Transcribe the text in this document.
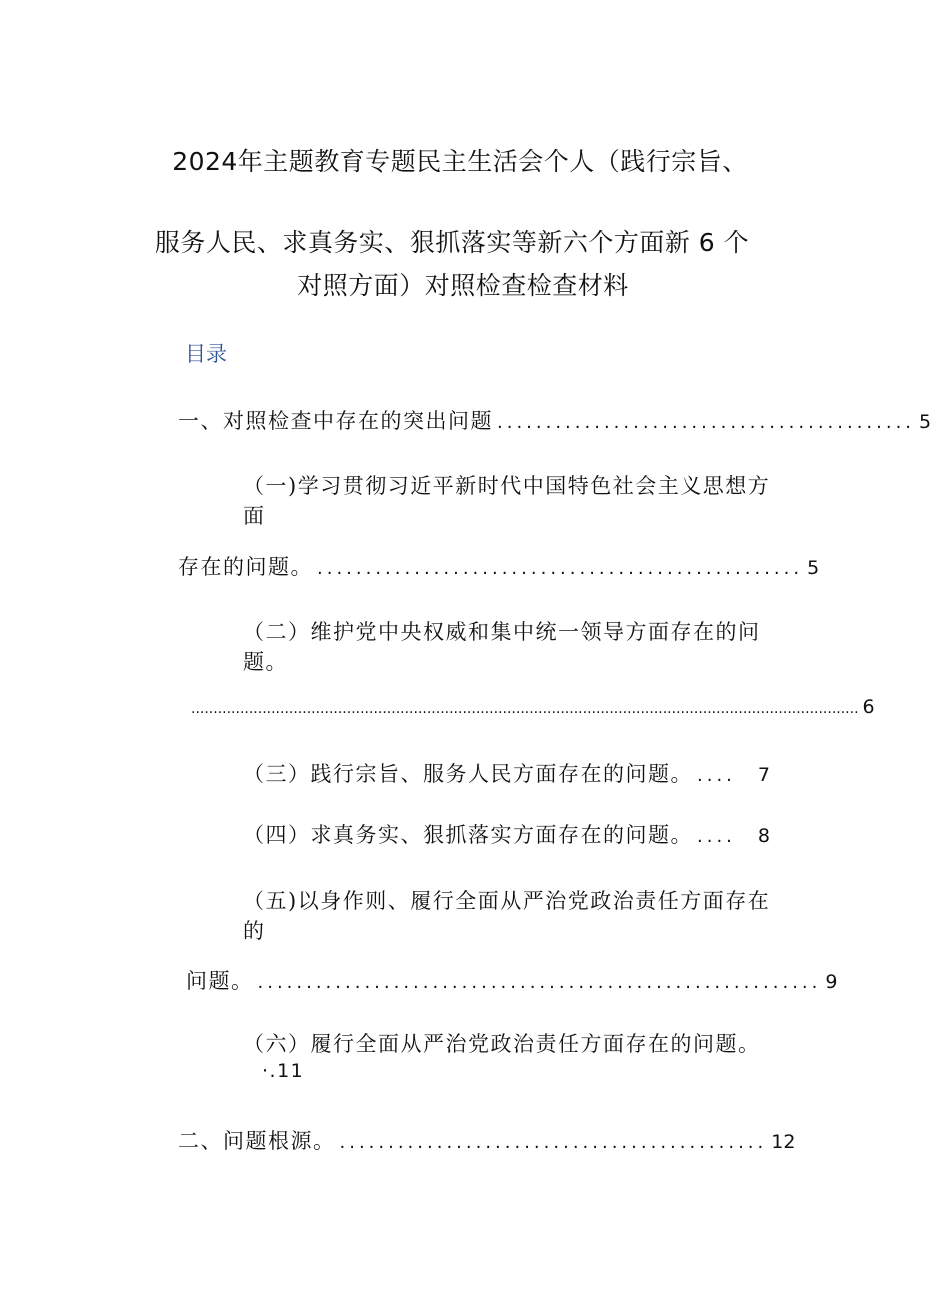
2024年主题教育专题民主生活会个人（践行宗旨、
服务人民、求真务实、狠抓落实等新六个方面新 6 个
对照方面）对照检查检查材料
目录
一、对照检查中存在的突出问题 ........................................... 5
（一)学习贯彻习近平新时代中国特色社会主义思想方
面
存在的问题。 .................................................. 5
（二）维护党中央权威和集中统一领导方面存在的问
题。
...................................................................................................................................................... 6
（三）践行宗旨、服务人民方面存在的问题。 ....	7
（四）求真务实、狠抓落实方面存在的问题。 ....	8
（五)以身作则、履行全面从严治党政治责任方面存在
的
问题。 .......................................................... 9
（六）履行全面从严治党政治责任方面存在的问题。
·.11
二、问题根源。 ............................................ 12
